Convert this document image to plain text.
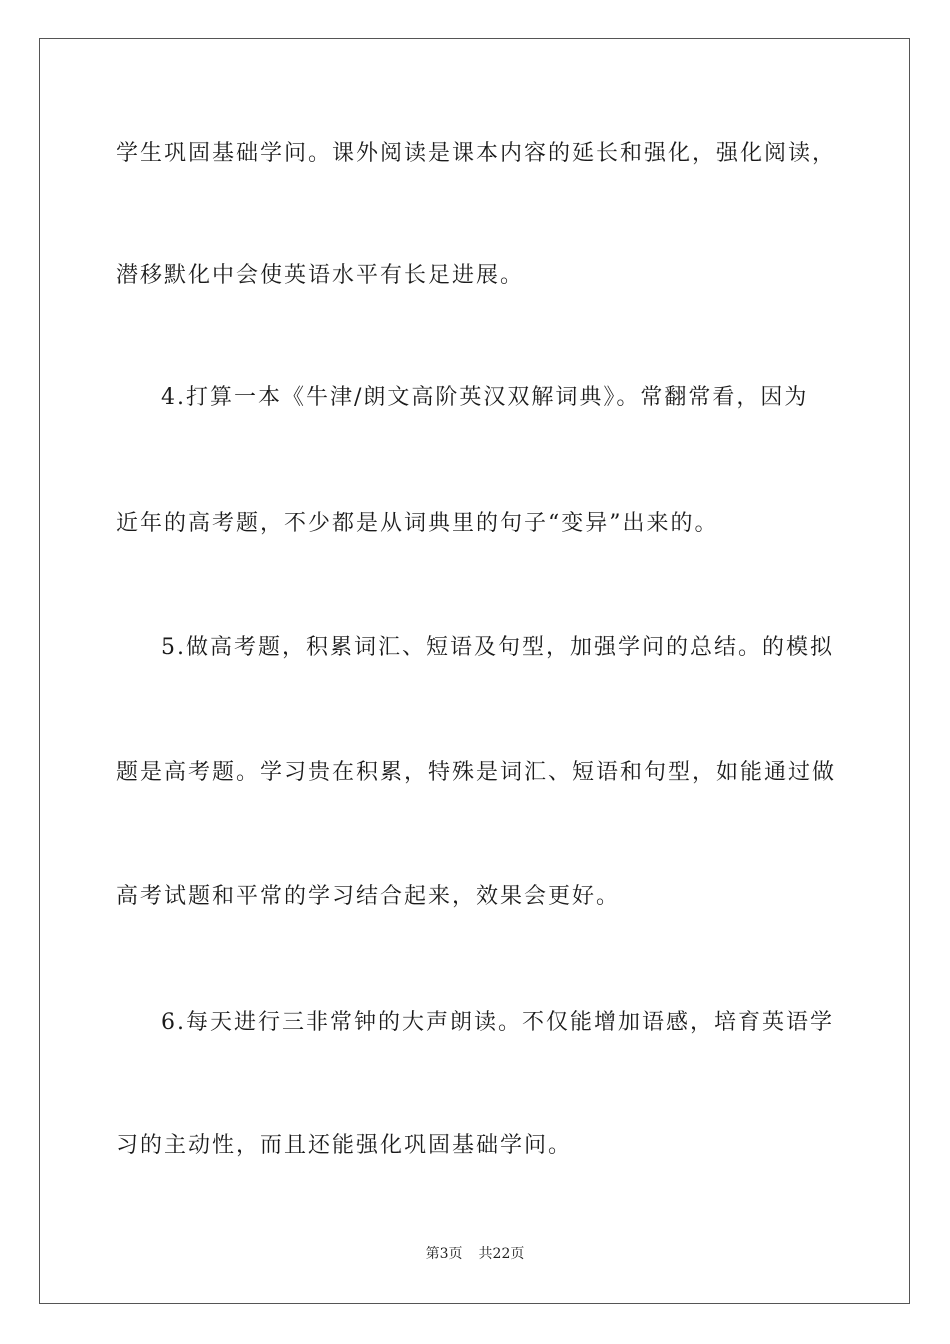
学生巩固基础学问。课外阅读是课本内容的延长和强化，强化阅读，
潜移默化中会使英语水平有长足进展。
4.打算一本《牛津/朗文高阶英汉双解词典》。常翻常看，因为
近年的高考题，不少都是从词典里的句子“变异”出来的。
5.做高考题，积累词汇、短语及句型，加强学问的总结。的模拟
题是高考题。学习贵在积累，特殊是词汇、短语和句型，如能通过做
高考试题和平常的学习结合起来，效果会更好。
6.每天进行三非常钟的大声朗读。不仅能增加语感，培育英语学
习的主动性，而且还能强化巩固基础学问。
第3页 共22页
